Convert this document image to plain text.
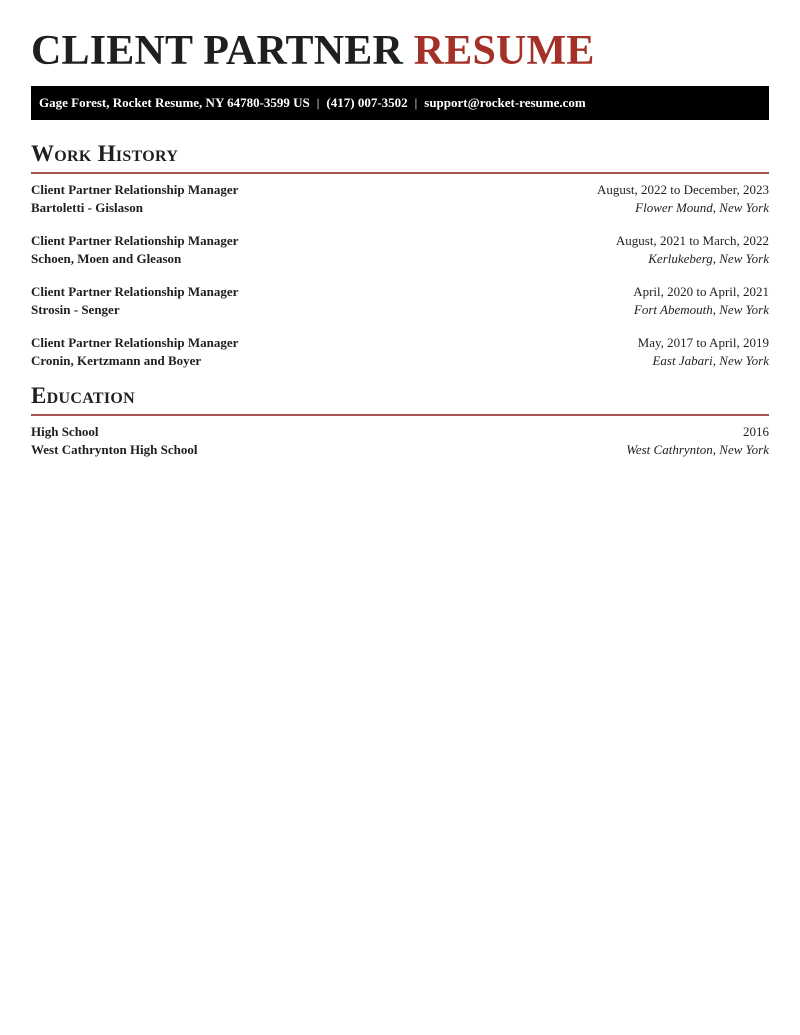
CLIENT PARTNER RESUME
Gage Forest, Rocket Resume, NY 64780-3599 US | (417) 007-3502 | support@rocket-resume.com
Work History
Client Partner Relationship Manager	August, 2022 to December, 2023
Bartoletti - Gislason	Flower Mound, New York
Client Partner Relationship Manager	August, 2021 to March, 2022
Schoen, Moen and Gleason	Kerlukeberg, New York
Client Partner Relationship Manager	April, 2020 to April, 2021
Strosin - Senger	Fort Abemouth, New York
Client Partner Relationship Manager	May, 2017 to April, 2019
Cronin, Kertzmann and Boyer	East Jabari, New York
Education
High School	2016
West Cathrynton High School	West Cathrynton, New York
